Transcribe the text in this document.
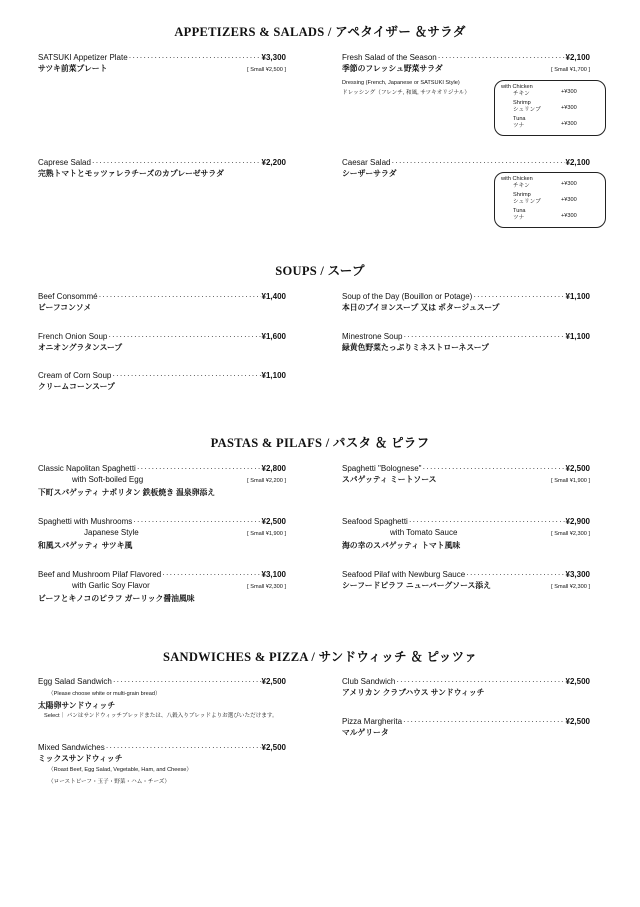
APPETIZERS & SALADS / アペタイザー ＆サラダ
SOUPS / スープ
PASTAS & PILAFS / パスタ ＆ ピラフ
SANDWICHES & PIZZA / サンドウィッチ ＆ ピッツァ
SATSUKI Appetizer Plate ·····	¥3,300
サツキ前菜プレート	[ Small ¥2,500 ]
Fresh Salad of the Season ·····	¥2,100
季節のフレッシュ野菜サラダ	[ Small ¥1,700 ]
Dressing (French, Japanese or SATSUKI Style)
ドレッシング（フレンチ, 和風, サツキオリジナル）
with Chicken
チキン	+¥300
Shrimp
シュリンプ	+¥300
Tuna
ツナ	+¥300
Caprese Salad ·····	¥2,200
完熟トマトとモッツァレラチーズのカプレーゼサラダ
Caesar Salad ·····	¥2,100
シーザーサラダ
with Chicken
チキン	+¥300
Shrimp
シュリンプ	+¥300
Tuna
ツナ	+¥300
Beef Consommé ·····	¥1,400
ビーフコンソメ
Soup of the Day (Bouillon or Potage) ·····	¥1,100
本日のブイヨンスープ 又は ポタージュスープ
French Onion Soup ·····	¥1,600
オニオングラタンスープ
Minestrone Soup ·····	¥1,100
緑黄色野菜たっぷりミネストローネスープ
Cream of Corn Soup ·····	¥1,100
クリームコーンスープ
Classic Napolitan Spaghetti ·····	¥2,800
with Soft-boiled Egg	[ Small ¥2,200 ]
下町スパゲッティ ナポリタン 鉄板焼き 温泉卵添え
Spaghetti "Bolognese" ·····	¥2,500
スパゲッティ ミートソース	[ Small ¥1,900 ]
Spaghetti with Mushrooms ·····	¥2,500
Japanese Style	[ Small ¥1,900 ]
和風スパゲッティ サツキ風
Seafood Spaghetti ·····	¥2,900
with Tomato Sauce	[ Small ¥2,300 ]
海の幸のスパゲッティ トマト風味
Beef and Mushroom Pilaf Flavored ·····	¥3,100
with Garlic Soy Flavor	[ Small ¥2,300 ]
ビーフとキノコのピラフ ガーリック醤油風味
Seafood Pilaf with Newburg Sauce ·····	¥3,300
シーフードピラフ ニューバーグソース添え	[ Small ¥2,300 ]
Egg Salad Sandwich ·····	¥2,500
（Please choose white or multi-grain bread）
太陽卵サンドウィッチ
Select｜ パンはサンドウィッチブレッドまたは、八穀入りブレッドよりお選びいただけます。
Club Sandwich ·····	¥2,500
アメリカン クラブハウス サンドウィッチ
Pizza Margherita ·····	¥2,500
マルゲリータ
Mixed Sandwiches ·····	¥2,500
ミックスサンドウィッチ
（Roast Beef, Egg Salad, Vegetable, Ham, and Cheese）
（ローストビーフ・玉子・野菜・ハム・チーズ）
